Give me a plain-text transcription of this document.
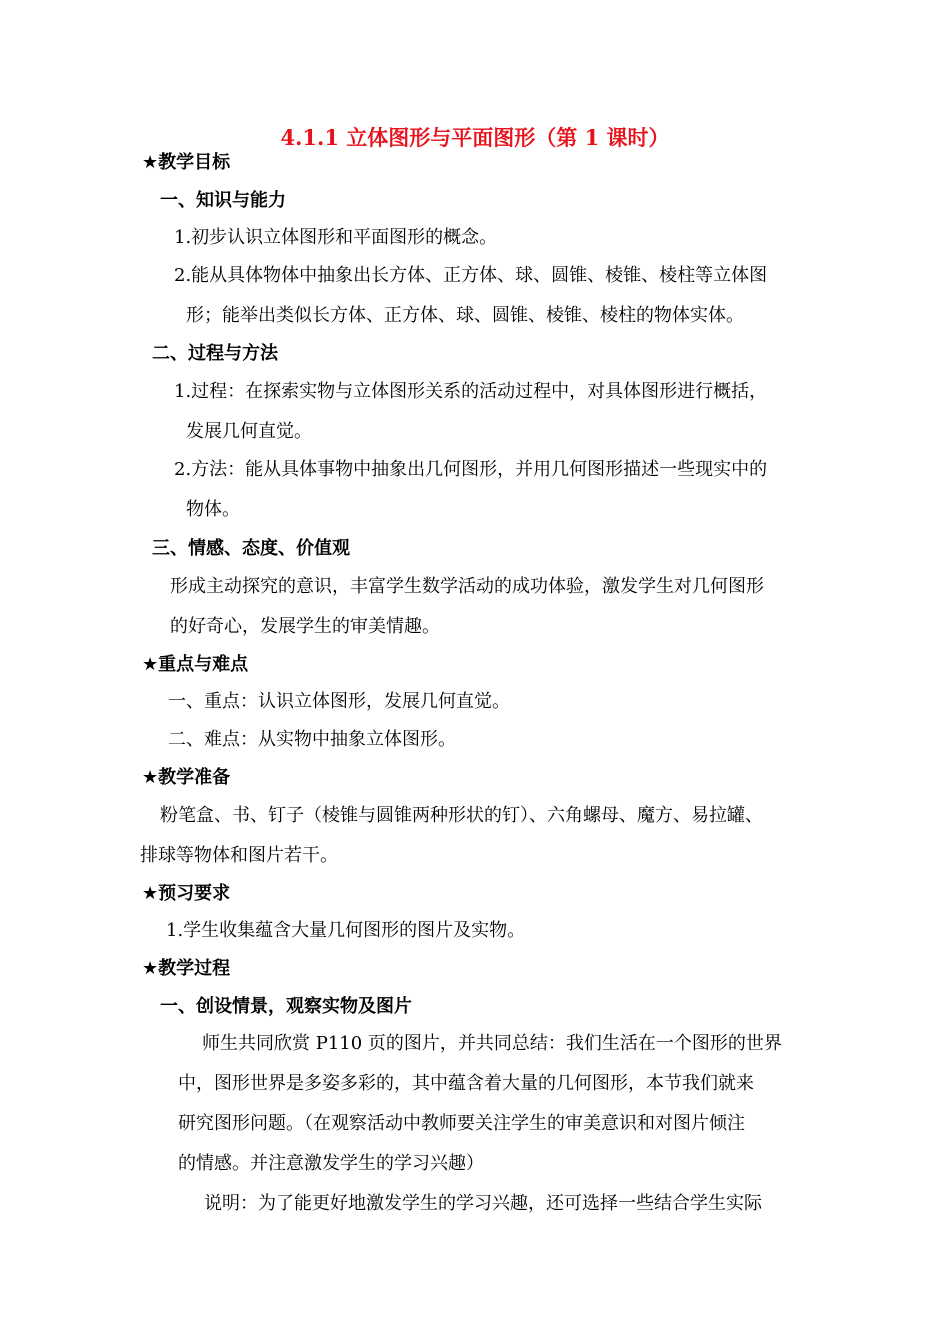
4.1.1 立体图形与平面图形（第 1 课时）
★教学目标
一、知识与能力
1.初步认识立体图形和平面图形的概念。
2.能从具体物体中抽象出长方体、正方体、球、圆锥、棱锥、棱柱等立体图
形；能举出类似长方体、正方体、球、圆锥、棱锥、棱柱的物体实体。
二、过程与方法
1.过程：在探索实物与立体图形关系的活动过程中，对具体图形进行概括，
发展几何直觉。
2.方法：能从具体事物中抽象出几何图形，并用几何图形描述一些现实中的
物体。
三、情感、态度、价值观
形成主动探究的意识，丰富学生数学活动的成功体验，激发学生对几何图形
的好奇心，发展学生的审美情趣。
★重点与难点
一、重点：认识立体图形，发展几何直觉。
二、难点：从实物中抽象立体图形。
★教学准备
粉笔盒、书、钉子（棱锥与圆锥两种形状的钉）、六角螺母、魔方、易拉罐、
排球等物体和图片若干。
★预习要求
1.学生收集蕴含大量几何图形的图片及实物。
★教学过程
一、创设情景，观察实物及图片
师生共同欣赏 P110 页的图片，并共同总结：我们生活在一个图形的世界
中，图形世界是多姿多彩的，其中蕴含着大量的几何图形，本节我们就来
研究图形问题。（在观察活动中教师要关注学生的审美意识和对图片倾注
的情感。并注意激发学生的学习兴趣）
说明：为了能更好地激发学生的学习兴趣，还可选择一些结合学生实际
